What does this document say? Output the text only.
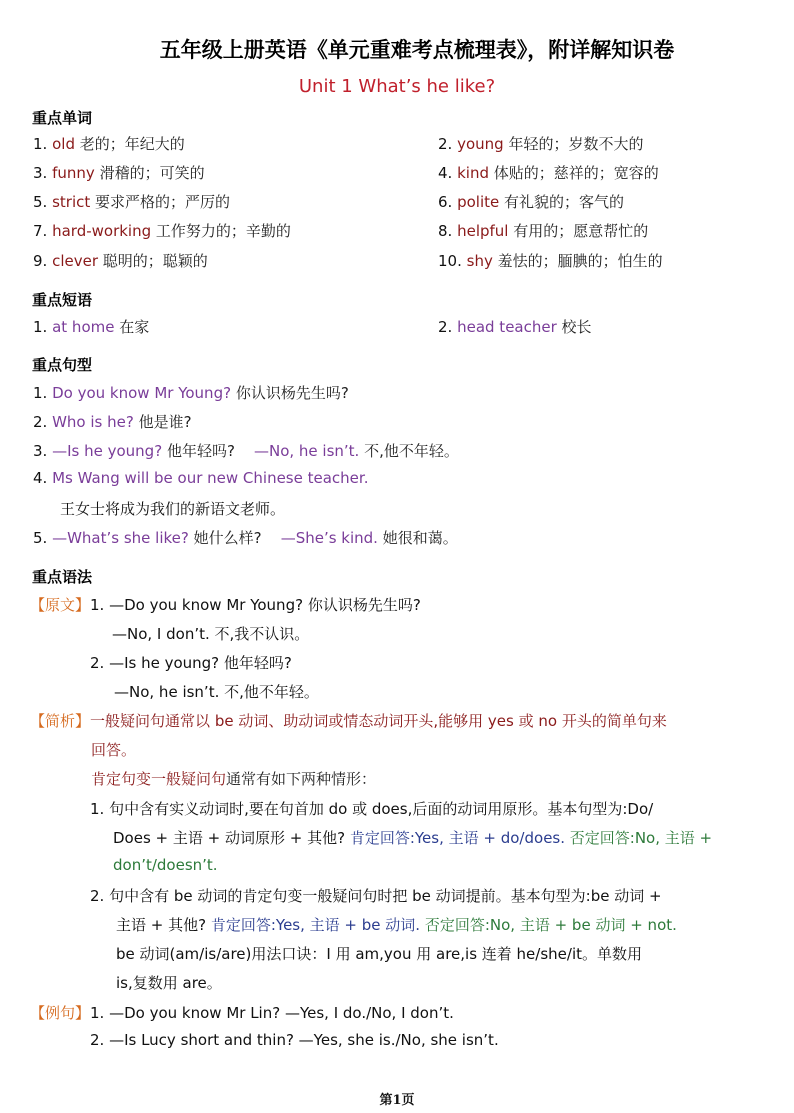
五年级上册英语《单元重难考点梳理表》，附详解知识卷
Unit 1 What’s he like?
重点单词
1. old 老的；年纪大的	2. young 年轻的；岁数不大的
3. funny 滑稽的；可笑的	4. kind 体贴的；慈祥的；宽容的
5. strict 要求严格的；严厉的	6. polite 有礼貌的；客气的
7. hard-working 工作努力的；辛勤的	8. helpful 有用的；愿意帮忙的
9. clever 聪明的；聪颖的	10. shy 羞怯的；腼腆的；怕生的
重点短语
1. at home 在家	2. head teacher 校长
重点句型
1. Do you know Mr Young? 你认识杨先生吗?
2. Who is he? 他是谁?
3. —Is he young? 他年轻吗? —No, he isn’t. 不,他不年轻。
4. Ms Wang will be our new Chinese teacher.
王女士将成为我们的新语文老师。
5. —What’s she like? 她什么样? —She’s kind. 她很和蔼。
重点语法
【原文】1. —Do you know Mr Young? 你认识杨先生吗?
—No, I don’t. 不,我不认识。
2. —Is he young? 他年轻吗?
—No, he isn’t. 不,他不年轻。
【简析】一般疑问句通常以 be 动词、助动词或情态动词开头,能够用 yes 或 no 开头的简单句来
回答。
肯定句变一般疑问句通常有如下两种情形：
1. 句中含有实义动词时,要在句首加 do 或 does,后面的动词用原形。基本句型为:Do/
Does + 主语 + 动词原形 + 其他? 肯定回答:Yes, 主语 + do/does. 否定回答:No, 主语 +
don’t/doesn’t.
2. 句中含有 be 动词的肯定句变一般疑问句时把 be 动词提前。基本句型为:be 动词 +
主语 + 其他? 肯定回答:Yes, 主语 + be 动词. 否定回答:No, 主语 + be 动词 + not.
be 动词(am/is/are)用法口诀：I 用 am,you 用 are,is 连着 he/she/it。单数用
is,复数用 are。
【例句】1. —Do you know Mr Lin? —Yes, I do./No, I don’t.
2. —Is Lucy short and thin? —Yes, she is./No, she isn’t.
第1页
